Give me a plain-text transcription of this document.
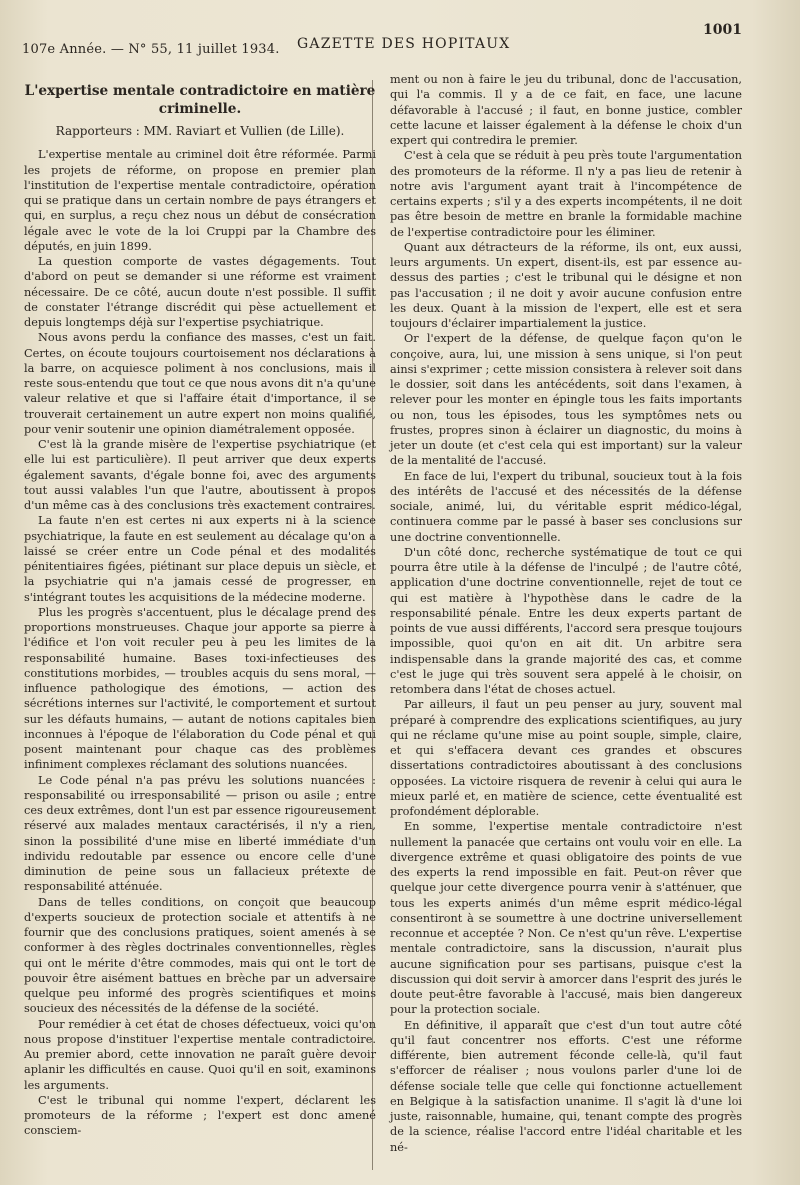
107e Année. — N° 55, 11 juillet 1934. GAZETTE DES HOPITAUX
1001
L'expertise mentale contradictoire en matière criminelle.
Rapporteurs : MM. Raviart et Vullien (de Lille).

L'expertise mentale au criminel doit être réformée. Parmi les projets de réforme, on propose en premier plan l'institution de l'expertise mentale contradictoire, opération qui se pratique dans un certain nombre de pays étrangers et qui, en surplus, a reçu chez nous un début de consécration légale avec le vote de la loi Cruppi par la Chambre des députés, en juin 1899.

La question comporte de vastes dégagements. Tout d'abord on peut se demander si une réforme est vraiment nécessaire. De ce côté, aucun doute n'est possible. Il suffit de constater l'étrange discrédit qui pèse actuellement et depuis longtemps déjà sur l'expertise psychiatrique.

Nous avons perdu la confiance des masses, c'est un fait. Certes, on écoute toujours courtoisement nos déclarations à la barre, on acquiesce poliment à nos conclusions, mais il reste sous-entendu que tout ce que nous avons dit n'a qu'une valeur relative et que si l'affaire était d'importance, il se trouverait certainement un autre expert non moins qualifié, pour venir soutenir une opinion diamétralement opposée.

C'est là la grande misère de l'expertise psychiatrique (et elle lui est particulière). Il peut arriver que deux experts également savants, d'égale bonne foi, avec des arguments tout aussi valables l'un que l'autre, aboutissent à propos d'un même cas à des conclusions très exactement contraires.

La faute n'en est certes ni aux experts ni à la science psychiatrique, la faute en est seulement au décalage qu'on a laissé se créer entre un Code pénal et des modalités pénitentiaires figées, piétinant sur place depuis un siècle, et la psychiatrie qui n'a jamais cessé de progresser, en s'intégrant toutes les acquisitions de la médecine moderne.

Plus les progrès s'accentuent, plus le décalage prend des proportions monstrueuses. Chaque jour apporte sa pierre à l'édifice et l'on voit reculer peu à peu les limites de la responsabilité humaine. Bases toxi-infectieuses des constitutions morbides, — troubles acquis du sens moral, — influence pathologique des émotions, — action des sécrétions internes sur l'activité, le comportement et surtout sur les défauts humains, — autant de notions capitales bien inconnues à l'époque de l'élaboration du Code pénal et qui posent maintenant pour chaque cas des problèmes infiniment complexes réclamant des solutions nuancées.

Le Code pénal n'a pas prévu les solutions nuancées : responsabilité ou irresponsabilité — prison ou asile ; entre ces deux extrêmes, dont l'un est par essence rigoureusement réservé aux malades mentaux caractérisés, il n'y a rien, sinon la possibilité d'une mise en liberté immédiate d'un individu redoutable par essence ou encore celle d'une diminution de peine sous un fallacieux prétexte de responsabilité atténuée.

Dans de telles conditions, on conçoit que beaucoup d'experts soucieux de protection sociale et attentifs à ne fournir que des conclusions pratiques, soient amenés à se conformer à des règles doctrinales conventionnelles, règles qui ont le mérite d'être commodes, mais qui ont le tort de pouvoir être aisément battues en brèche par un adversaire quelque peu informé des progrès scientifiques et moins soucieux des nécessités de la défense de la société.

Pour remédier à cet état de choses défectueux, voici qu'on nous propose d'instituer l'expertise mentale contradictoire. Au premier abord, cette innovation ne paraît guère devoir aplanir les difficultés en cause. Quoi qu'il en soit, examinons les arguments.

C'est le tribunal qui nomme l'expert, déclarent les promoteurs de la réforme ; l'expert est donc amené consciem-

ment ou non à faire le jeu du tribunal, donc de l'accusation, qui l'a commis. Il y a de ce fait, en face, une lacune défavorable à l'accusé ; il faut, en bonne justice, combler cette lacune et laisser également à la défense le choix d'un expert qui contredira le premier.

C'est à cela que se réduit à peu près toute l'argumentation des promoteurs de la réforme. Il n'y a pas lieu de retenir à notre avis l'argument ayant trait à l'incompétence de certains experts ; s'il y a des experts incompétents, il ne doit pas être besoin de mettre en branle la formidable machine de l'expertise contradictoire pour les éliminer.

Quant aux détracteurs de la réforme, ils ont, eux aussi, leurs arguments. Un expert, disent-ils, est par essence au-dessus des parties ; c'est le tribunal qui le désigne et non pas l'accusation ; il ne doit y avoir aucune confusion entre les deux. Quant à la mission de l'expert, elle est et sera toujours d'éclairer impartialement la justice.

Or l'expert de la défense, de quelque façon qu'on le conçoive, aura, lui, une mission à sens unique, si l'on peut ainsi s'exprimer ; cette mission consistera à relever soit dans le dossier, soit dans les antécédents, soit dans l'examen, à relever pour les monter en épingle tous les faits importants ou non, tous les épisodes, tous les symptômes nets ou frustes, propres sinon à éclairer un diagnostic, du moins à jeter un doute (et c'est cela qui est important) sur la valeur de la mentalité de l'accusé.

En face de lui, l'expert du tribunal, soucieux tout à la fois des intérêts de l'accusé et des nécessités de la défense sociale, animé, lui, du véritable esprit médico-légal, continuera comme par le passé à baser ses conclusions sur une doctrine conventionnelle.

D'un côté donc, recherche systématique de tout ce qui pourra être utile à la défense de l'inculpé ; de l'autre côté, application d'une doctrine conventionnelle, rejet de tout ce qui est matière à l'hypothèse dans le cadre de la responsabilité pénale. Entre les deux experts partant de points de vue aussi différents, l'accord sera presque toujours impossible, quoi qu'on en ait dit. Un arbitre sera indispensable dans la grande majorité des cas, et comme c'est le juge qui très souvent sera appelé à le choisir, on retombera dans l'état de choses actuel.

Par ailleurs, il faut un peu penser au jury, souvent mal préparé à comprendre des explications scientifiques, au jury qui ne réclame qu'une mise au point souple, simple, claire, et qui s'effacera devant ces grandes et obscures dissertations contradictoires aboutissant à des conclusions opposées. La victoire risquera de revenir à celui qui aura le mieux parlé et, en matière de science, cette éventualité est profondément déplorable.

En somme, l'expertise mentale contradictoire n'est nullement la panacée que certains ont voulu voir en elle. La divergence extrême et quasi obligatoire des points de vue des experts la rend impossible en fait. Peut-on rêver que quelque jour cette divergence pourra venir à s'atténuer, que tous les experts animés d'un même esprit médico-légal consentiront à se soumettre à une doctrine universellement reconnue et acceptée ? Non. Ce n'est qu'un rêve. L'expertise mentale contradictoire, sans la discussion, n'aurait plus aucune signification pour ses partisans, puisque c'est la discussion qui doit servir à amorcer dans l'esprit des jurés le doute peut-être favorable à l'accusé, mais bien dangereux pour la protection sociale.

En définitive, il apparaît que c'est d'un tout autre côté qu'il faut concentrer nos efforts. C'est une réforme différente, bien autrement féconde celle-là, qu'il faut s'efforcer de réaliser ; nous voulons parler d'une loi de défense sociale telle que celle qui fonctionne actuellement en Belgique à la satisfaction unanime. Il s'agit là d'une loi juste, raisonnable, humaine, qui, tenant compte des progrès de la science, réalise l'accord entre l'idéal charitable et les né-
